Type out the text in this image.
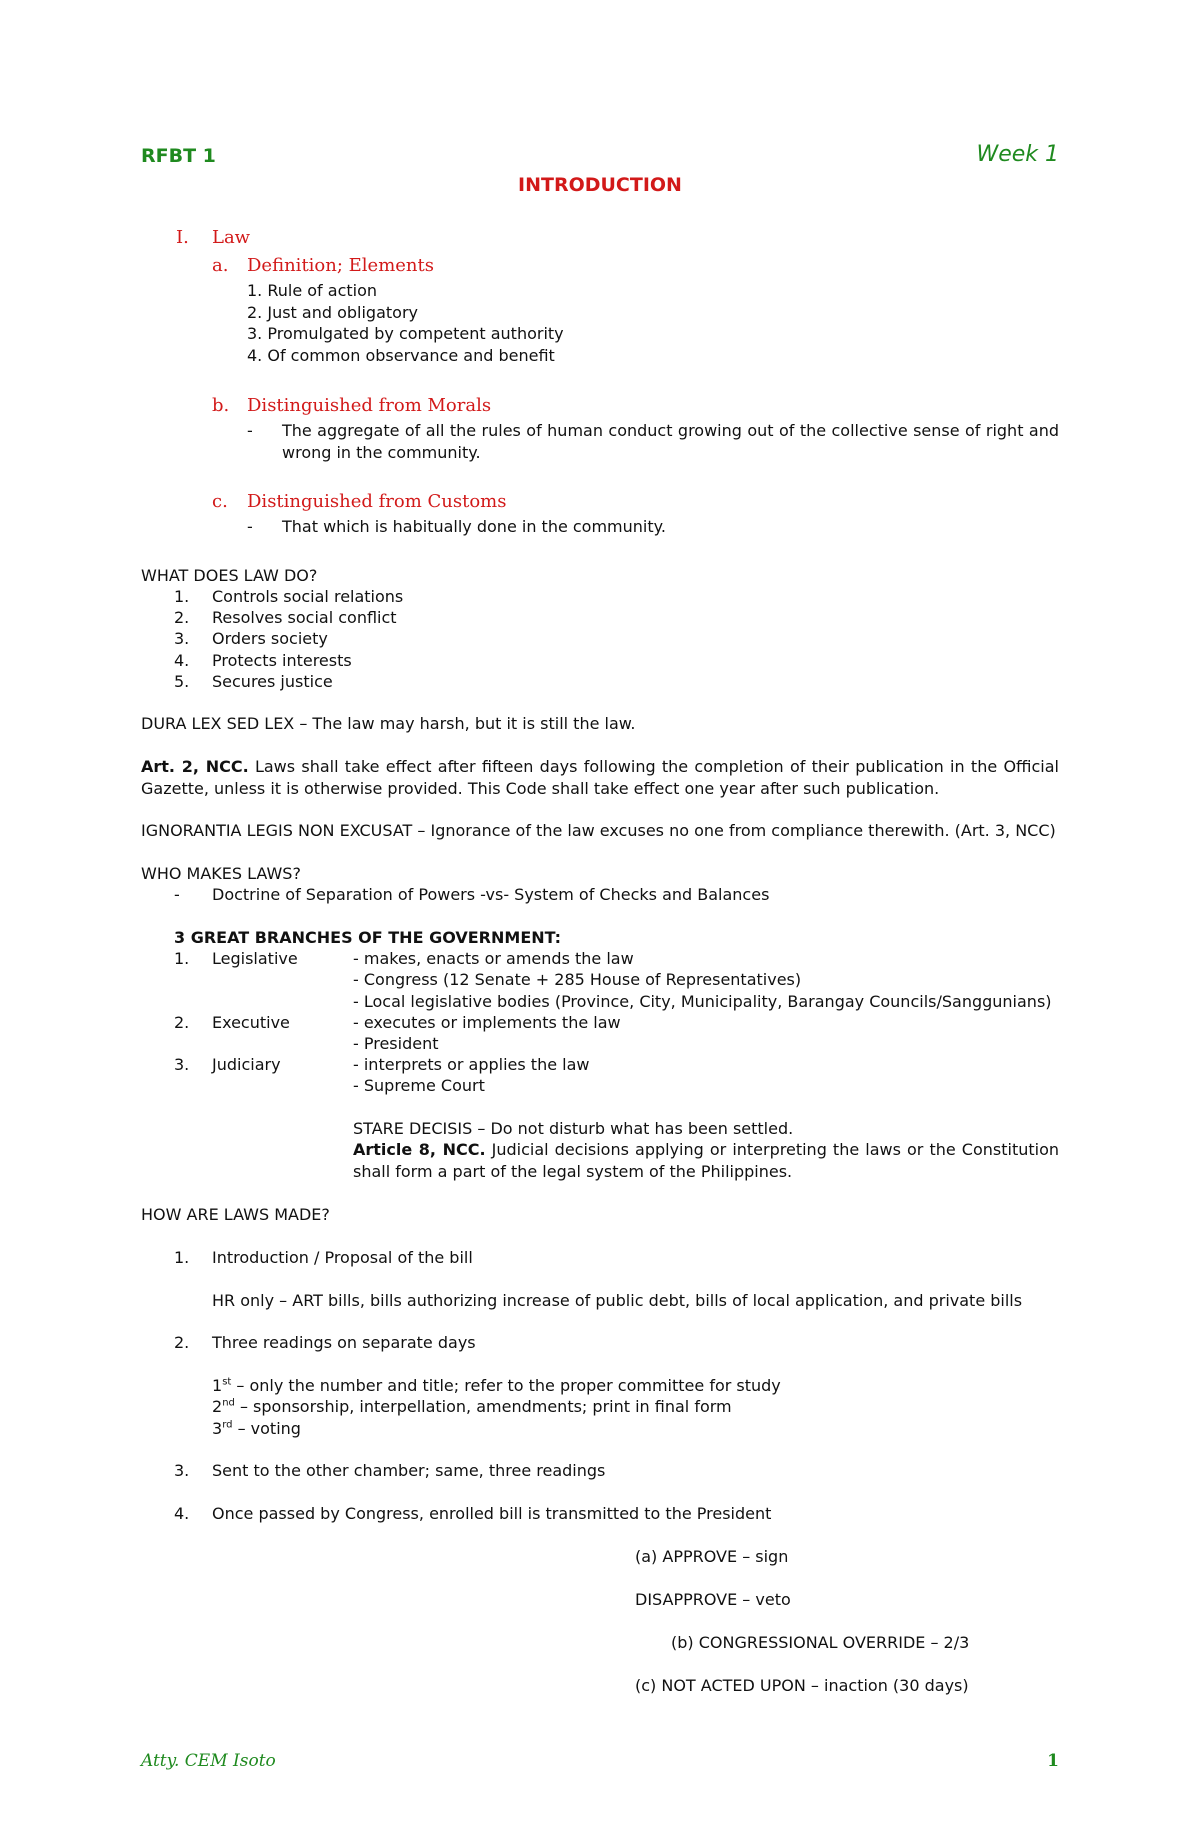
RFBT 1	Week 1
INTRODUCTION
I. Law
a. Definition; Elements
1. Rule of action
2. Just and obligatory
3. Promulgated by competent authority
4. Of common observance and benefit
b. Distinguished from Morals
- The aggregate of all the rules of human conduct growing out of the collective sense of right and wrong in the community.
c. Distinguished from Customs
- That which is habitually done in the community.
WHAT DOES LAW DO?
1. Controls social relations
2. Resolves social conflict
3. Orders society
4. Protects interests
5. Secures justice
DURA LEX SED LEX – The law may harsh, but it is still the law.
Art. 2, NCC. Laws shall take effect after fifteen days following the completion of their publication in the Official Gazette, unless it is otherwise provided. This Code shall take effect one year after such publication.
IGNORANTIA LEGIS NON EXCUSAT – Ignorance of the law excuses no one from compliance therewith. (Art. 3, NCC)
WHO MAKES LAWS?
- Doctrine of Separation of Powers -vs- System of Checks and Balances
3 GREAT BRANCHES OF THE GOVERNMENT:
1. Legislative	- makes, enacts or amends the law
- Congress (12 Senate + 285 House of Representatives)
- Local legislative bodies (Province, City, Municipality, Barangay Councils/Sanggunians)
2. Executive	- executes or implements the law
- President
3. Judiciary	- interprets or applies the law
- Supreme Court
STARE DECISIS – Do not disturb what has been settled.
Article 8, NCC. Judicial decisions applying or interpreting the laws or the Constitution shall form a part of the legal system of the Philippines.
HOW ARE LAWS MADE?
1. Introduction / Proposal of the bill
HR only – ART bills, bills authorizing increase of public debt, bills of local application, and private bills
2. Three readings on separate days
1st – only the number and title; refer to the proper committee for study
2nd – sponsorship, interpellation, amendments; print in final form
3rd – voting
3. Sent to the other chamber; same, three readings
4. Once passed by Congress, enrolled bill is transmitted to the President
(a) APPROVE – sign
DISAPPROVE – veto
(b) CONGRESSIONAL OVERRIDE – 2/3
(c) NOT ACTED UPON – inaction (30 days)
Atty. CEM Isoto	1
